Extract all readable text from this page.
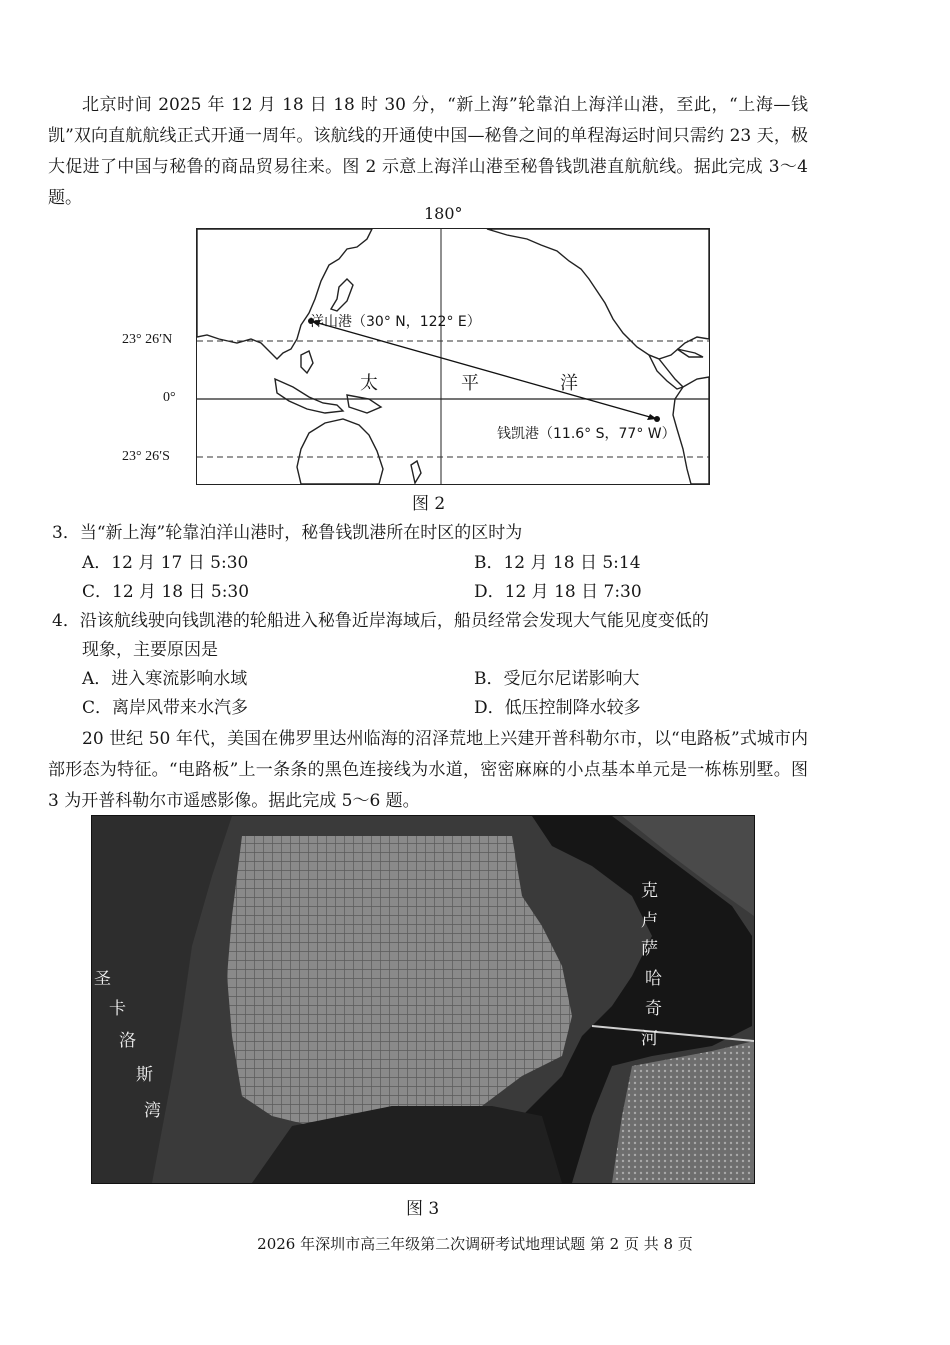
北京时间 2025 年 12 月 18 日 18 时 30 分，“新上海”轮靠泊上海洋山港，至此，“上海—钱凯”双向直航航线正式开通一周年。该航线的开通使中国—秘鲁之间的单程海运时间只需约 23 天，极大促进了中国与秘鲁的商品贸易往来。图 2 示意上海洋山港至秘鲁钱凯港直航航线。据此完成 3～4 题。

180°
23° 26′N
0°
23° 26′S
洋山港（30° N，122° E）
钱凯港（11.6° S，77° W）
太	平	洋
图 2
3．当“新上海”轮靠泊洋山港时，秘鲁钱凯港所在时区的区时为
A．12 月 17 日 5:30	B．12 月 18 日 5:14
C．12 月 18 日 5:30	D．12 月 18 日 7:30
4．沿该航线驶向钱凯港的轮船进入秘鲁近岸海域后，船员经常会发现大气能见度变低的
现象，主要原因是
A．进入寒流影响水域	B．受厄尔尼诺影响大
C．离岸风带来水汽多	D．低压控制降水较多

20 世纪 50 年代，美国在佛罗里达州临海的沼泽荒地上兴建开普科勒尔市，以“电路板”式城市内部形态为特征。“电路板”上一条条的黑色连接线为水道，密密麻麻的小点基本单元是一栋栋别墅。图 3 为开普科勒尔市遥感影像。据此完成 5～6 题。

圣
卡
洛
斯
湾
克
卢
萨
哈
奇
河
图 3
2026 年深圳市高三年级第二次调研考试地理试题 第 2 页 共 8 页
